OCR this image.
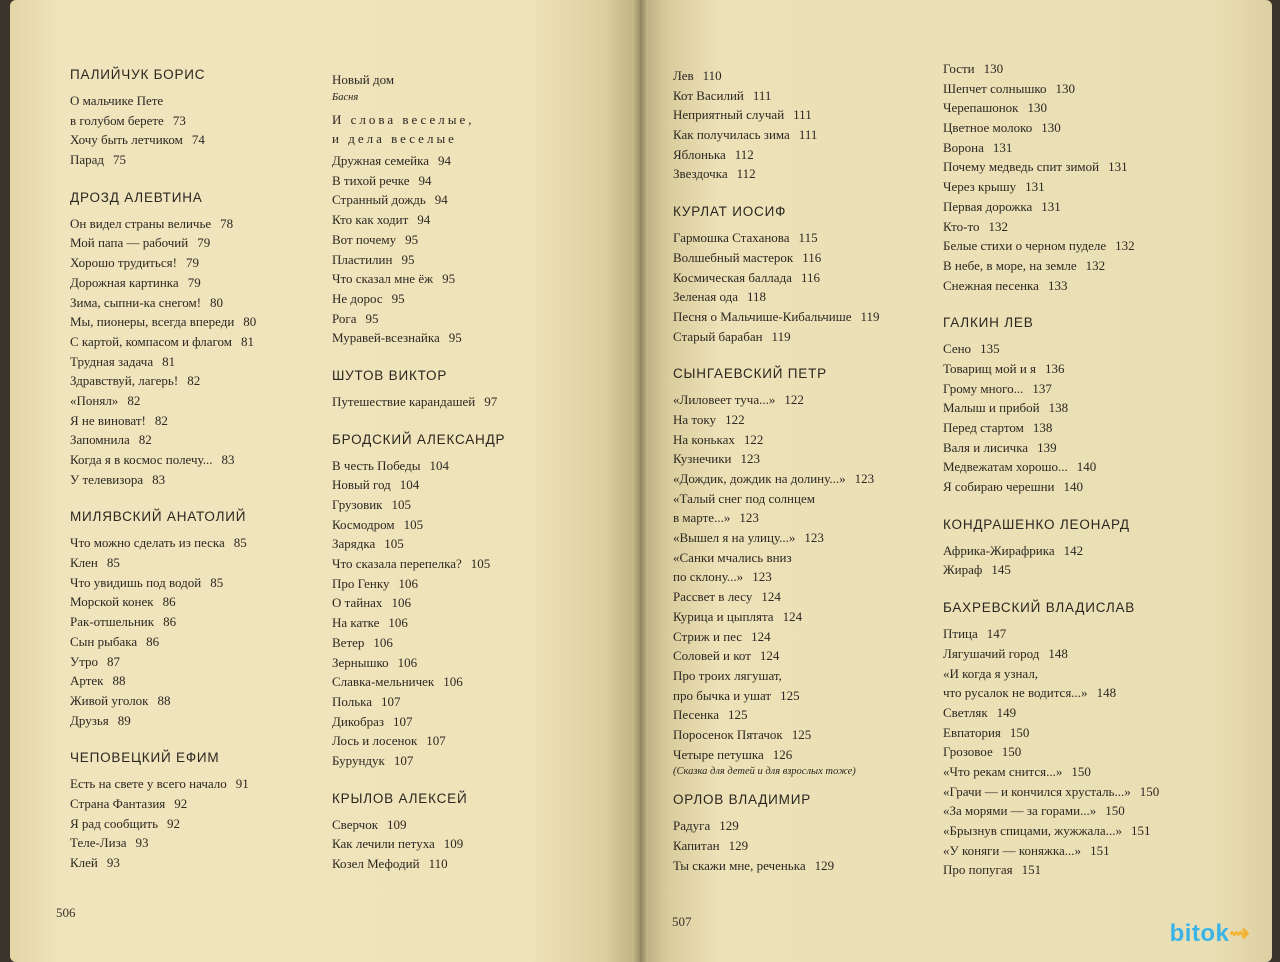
ПАЛИЙЧУК БОРИС
О мальчике Пете
в голубом берете 73
Хочу быть летчиком 74
Парад 75
ДРОЗД АЛЕВТИНА
Он видел страны величье 78
Мой папа — рабочий 79
Хорошо трудиться! 79
Дорожная картинка 79
Зима, сыпни-ка снегом! 80
Мы, пионеры, всегда впереди 80
С картой, компасом и флагом 81
Трудная задача 81
Здравствуй, лагерь! 82
«Понял» 82
Я не виноват! 82
Запомнила 82
Когда я в космос полечу... 83
У телевизора 83
МИЛЯВСКИЙ АНАТОЛИЙ
Что можно сделать из песка 85
Клен 85
Что увидишь под водой 85
Морской конек 86
Рак-отшельник 86
Сын рыбака 86
Утро 87
Артек 88
Живой уголок 88
Друзья 89
ЧЕПОВЕЦКИЙ ЕФИМ
Есть на свете у всего начало 91
Страна Фантазия 92
Я рад сообщить 92
Теле-Лиза 93
Клей 93
Новый дом
Басня
И слова веселые,
и дела веселые
Дружная семейка 94
В тихой речке 94
Странный дождь 94
Кто как ходит 94
Вот почему 95
Пластилин 95
Что сказал мне ёж 95
Не дорос 95
Рога 95
Муравей-всезнайка 95
ШУТОВ ВИКТОР
Путешествие карандашей 97
БРОДСКИЙ АЛЕКСАНДР
В честь Победы 104
Новый год 104
Грузовик 105
Космодром 105
Зарядка 105
Что сказала перепелка? 105
Про Генку 106
О тайнах 106
На катке 106
Ветер 106
Зернышко 106
Славка-мельничек 106
Полька 107
Дикобраз 107
Лось и лосенок 107
Бурундук 107
КРЫЛОВ АЛЕКСЕЙ
Сверчок 109
Как лечили петуха 109
Козел Мефодий 110
Лев 110
Кот Василий 111
Неприятный случай 111
Как получилась зима 111
Яблонька 112
Звездочка 112
КУРЛАТ ИОСИФ
Гармошка Стаханова 115
Волшебный мастерок 116
Космическая баллада 116
Зеленая ода 118
Песня о Мальчише-Кибальчише 119
Старый барабан 119
СЫНГАЕВСКИЙ ПЕТР
«Лиловеет туча...» 122
На току 122
На коньках 122
Кузнечики 123
«Дождик, дождик на долину...» 123
«Талый снег под солнцем
в марте...» 123
«Вышел я на улицу...» 123
«Санки мчались вниз
по склону...» 123
Рассвет в лесу 124
Курица и цыплята 124
Стриж и пес 124
Соловей и кот 124
Про троих лягушат,
про бычка и ушат 125
Песенка 125
Поросенок Пятачок 125
Четыре петушка 126
(Сказка для детей и для взрослых тоже)
ОРЛОВ ВЛАДИМИР
Радуга 129
Капитан 129
Ты скажи мне, реченька 129
Гости 130
Шепчет солнышко 130
Черепашонок 130
Цветное молоко 130
Ворона 131
Почему медведь спит зимой 131
Через крышу 131
Первая дорожка 131
Кто-то 132
Белые стихи о черном пуделе 132
В небе, в море, на земле 132
Снежная песенка 133
ГАЛКИН ЛЕВ
Сено 135
Товарищ мой и я 136
Грому много... 137
Малыш и прибой 138
Перед стартом 138
Валя и лисичка 139
Медвежатам хорошо... 140
Я собираю черешни 140
КОНДРАШЕНКО ЛЕОНАРД
Африка-Жирафрика 142
Жираф 145
БАХРЕВСКИЙ ВЛАДИСЛАВ
Птица 147
Лягушачий город 148
«И когда я узнал,
что русалок не водится...» 148
Светляк 149
Евпатория 150
Грозовое 150
«Что рекам снится...» 150
«Грачи — и кончился хрусталь...» 150
«За морями — за горами...» 150
«Брызнув спицами, жужжала...» 151
«У коняги — коняжка...» 151
Про попугая 151
506
507	bitok⇝
